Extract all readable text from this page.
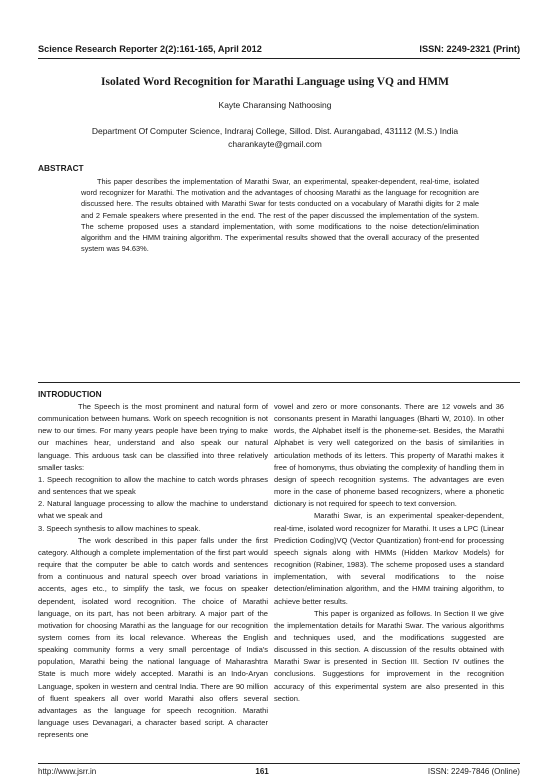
Science Research Reporter 2(2):161-165, April 2012	ISSN: 2249-2321 (Print)
Isolated Word Recognition for Marathi Language using VQ and HMM
Kayte Charansing Nathoosing
Department Of Computer Science, Indraraj College, Sillod. Dist. Aurangabad, 431112 (M.S.) India
charankayte@gmail.com
ABSTRACT
This paper describes the implementation of Marathi Swar, an experimental, speaker-dependent, real-time, isolated word recognizer for Marathi. The motivation and the advantages of choosing Marathi as the language for recognition are discussed here. The results obtained with Marathi Swar for tests conducted on a vocabulary of Marathi digits for 2 male and 2 Female speakers where presented in the end. The rest of the paper discussed the implementation of the system. The scheme proposed uses a standard implementation, with some modifications to the noise detection/elimination algorithm and the HMM training algorithm. The experimental results showed that the overall accuracy of the presented system was 94.63%.
INTRODUCTION

The Speech is the most prominent and natural form of communication between humans. Work on speech recognition is not new to our times. For many years people have been trying to make our machines hear, understand and also speak our natural language. This arduous task can be classified into three relatively smaller tasks:

1. Speech recognition to allow the machine to catch words phrases and sentences that we speak

2. Natural language processing to allow the machine to understand what we speak and

3. Speech synthesis to allow machines to speak.

The work described in this paper falls under the first category. Although a complete implementation of the first part would require that the computer be able to catch words and sentences from a continuous and natural speech over broad variations in accents, ages etc., to simplify the task, we focus on speaker dependent, isolated word recognition. The choice of Marathi language, on its part, has not been arbitrary. A major part of the motivation for choosing Marathi as the language for our recognition system comes from its local relevance. Whereas the English speaking community forms a very small percentage of India's population, Marathi being the national language of Maharashtra State is much more widely accepted. Marathi is an Indo-Aryan Language, spoken in western and central India. There are 90 million of fluent speakers all over world Marathi also offers several advantages as the language for speech recognition. Marathi language uses Devanagari, a character based script. A character represents one

vowel and zero or more consonants. There are 12 vowels and 36 consonants present in Marathi languages (Bharti W, 2010). In other words, the Alphabet itself is the phoneme-set. Besides, the Marathi Alphabet is very well categorized on the basis of similarities in articulation methods of its letters. This property of Marathi makes it free of homonyms, thus obviating the complexity of handling them in design of speech recognition systems. The advantages are even more in the case of phoneme based recognizers, where a phonetic dictionary is not required for speech to text conversion.

Marathi Swar, is an experimental speaker-dependent, real-time, isolated word recognizer for Marathi. It uses a LPC (Linear Prediction Coding)VQ (Vector Quantization) front-end for processing speech signals along with HMMs (Hidden Markov Models) for recognition (Rabiner, 1983). The scheme proposed uses a standard implementation, with several modifications to the noise detection/elimination algorithm, and the HMM training algorithm, to achieve better results.

This paper is organized as follows. In Section II we give the implementation details for Marathi Swar. The various algorithms and techniques used, and the modifications suggested are discussed in this section. A discussion of the results obtained with Marathi Swar is presented in Section III. Section IV outlines the conclusions. Suggestions for improvement in the recognition accuracy of this experimental system are also presented in this section.

http://www.jsrr.in	161	ISSN: 2249-7846 (Online)
